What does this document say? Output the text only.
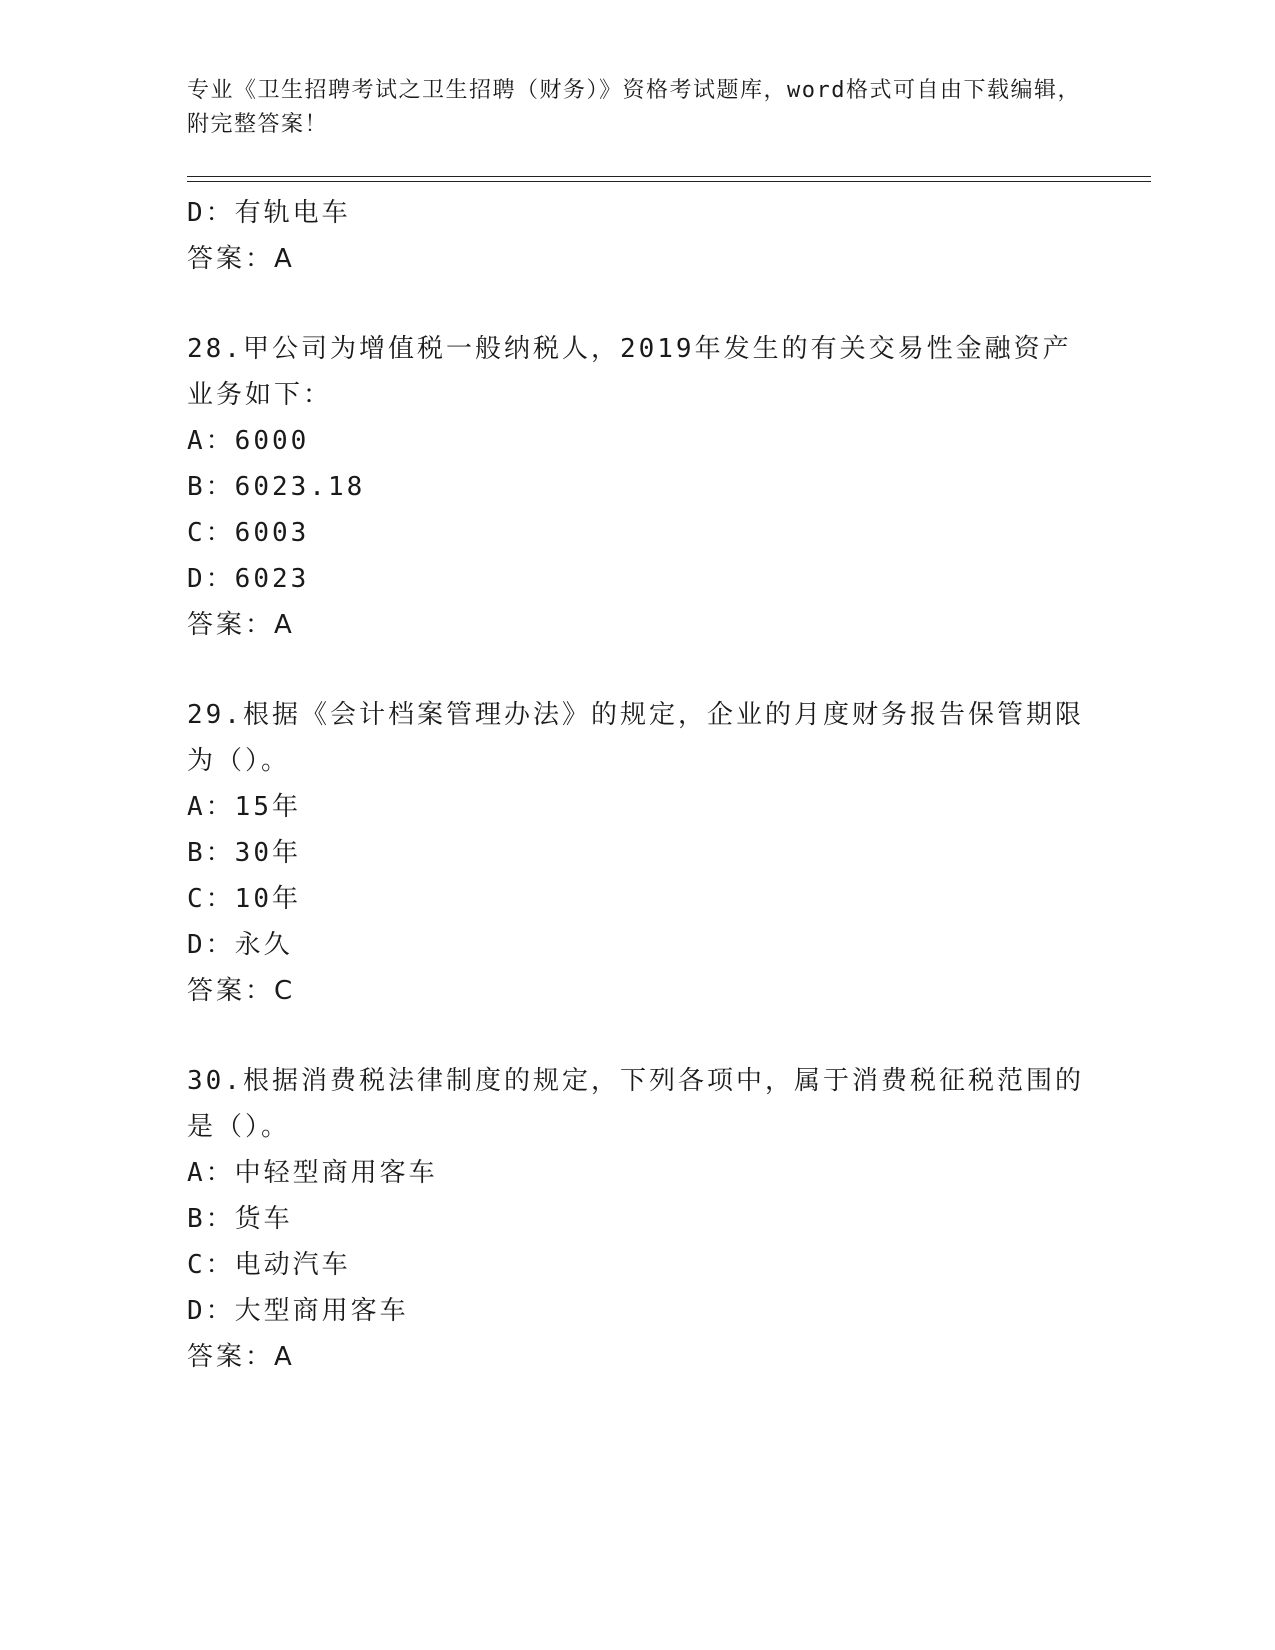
专业《卫生招聘考试之卫生招聘（财务）》资格考试题库，word格式可自由下载编辑，附完整答案！
D：有轨电车
答案：A
28.甲公司为增值税一般纳税人，2019年发生的有关交易性金融资产业务如下：
A：6000
B：6023.18
C：6003
D：6023
答案：A
29.根据《会计档案管理办法》的规定，企业的月度财务报告保管期限为（）。
A：15年
B：30年
C：10年
D：永久
答案：C
30.根据消费税法律制度的规定，下列各项中，属于消费税征税范围的是（）。
A：中轻型商用客车
B：货车
C：电动汽车
D：大型商用客车
答案：A
